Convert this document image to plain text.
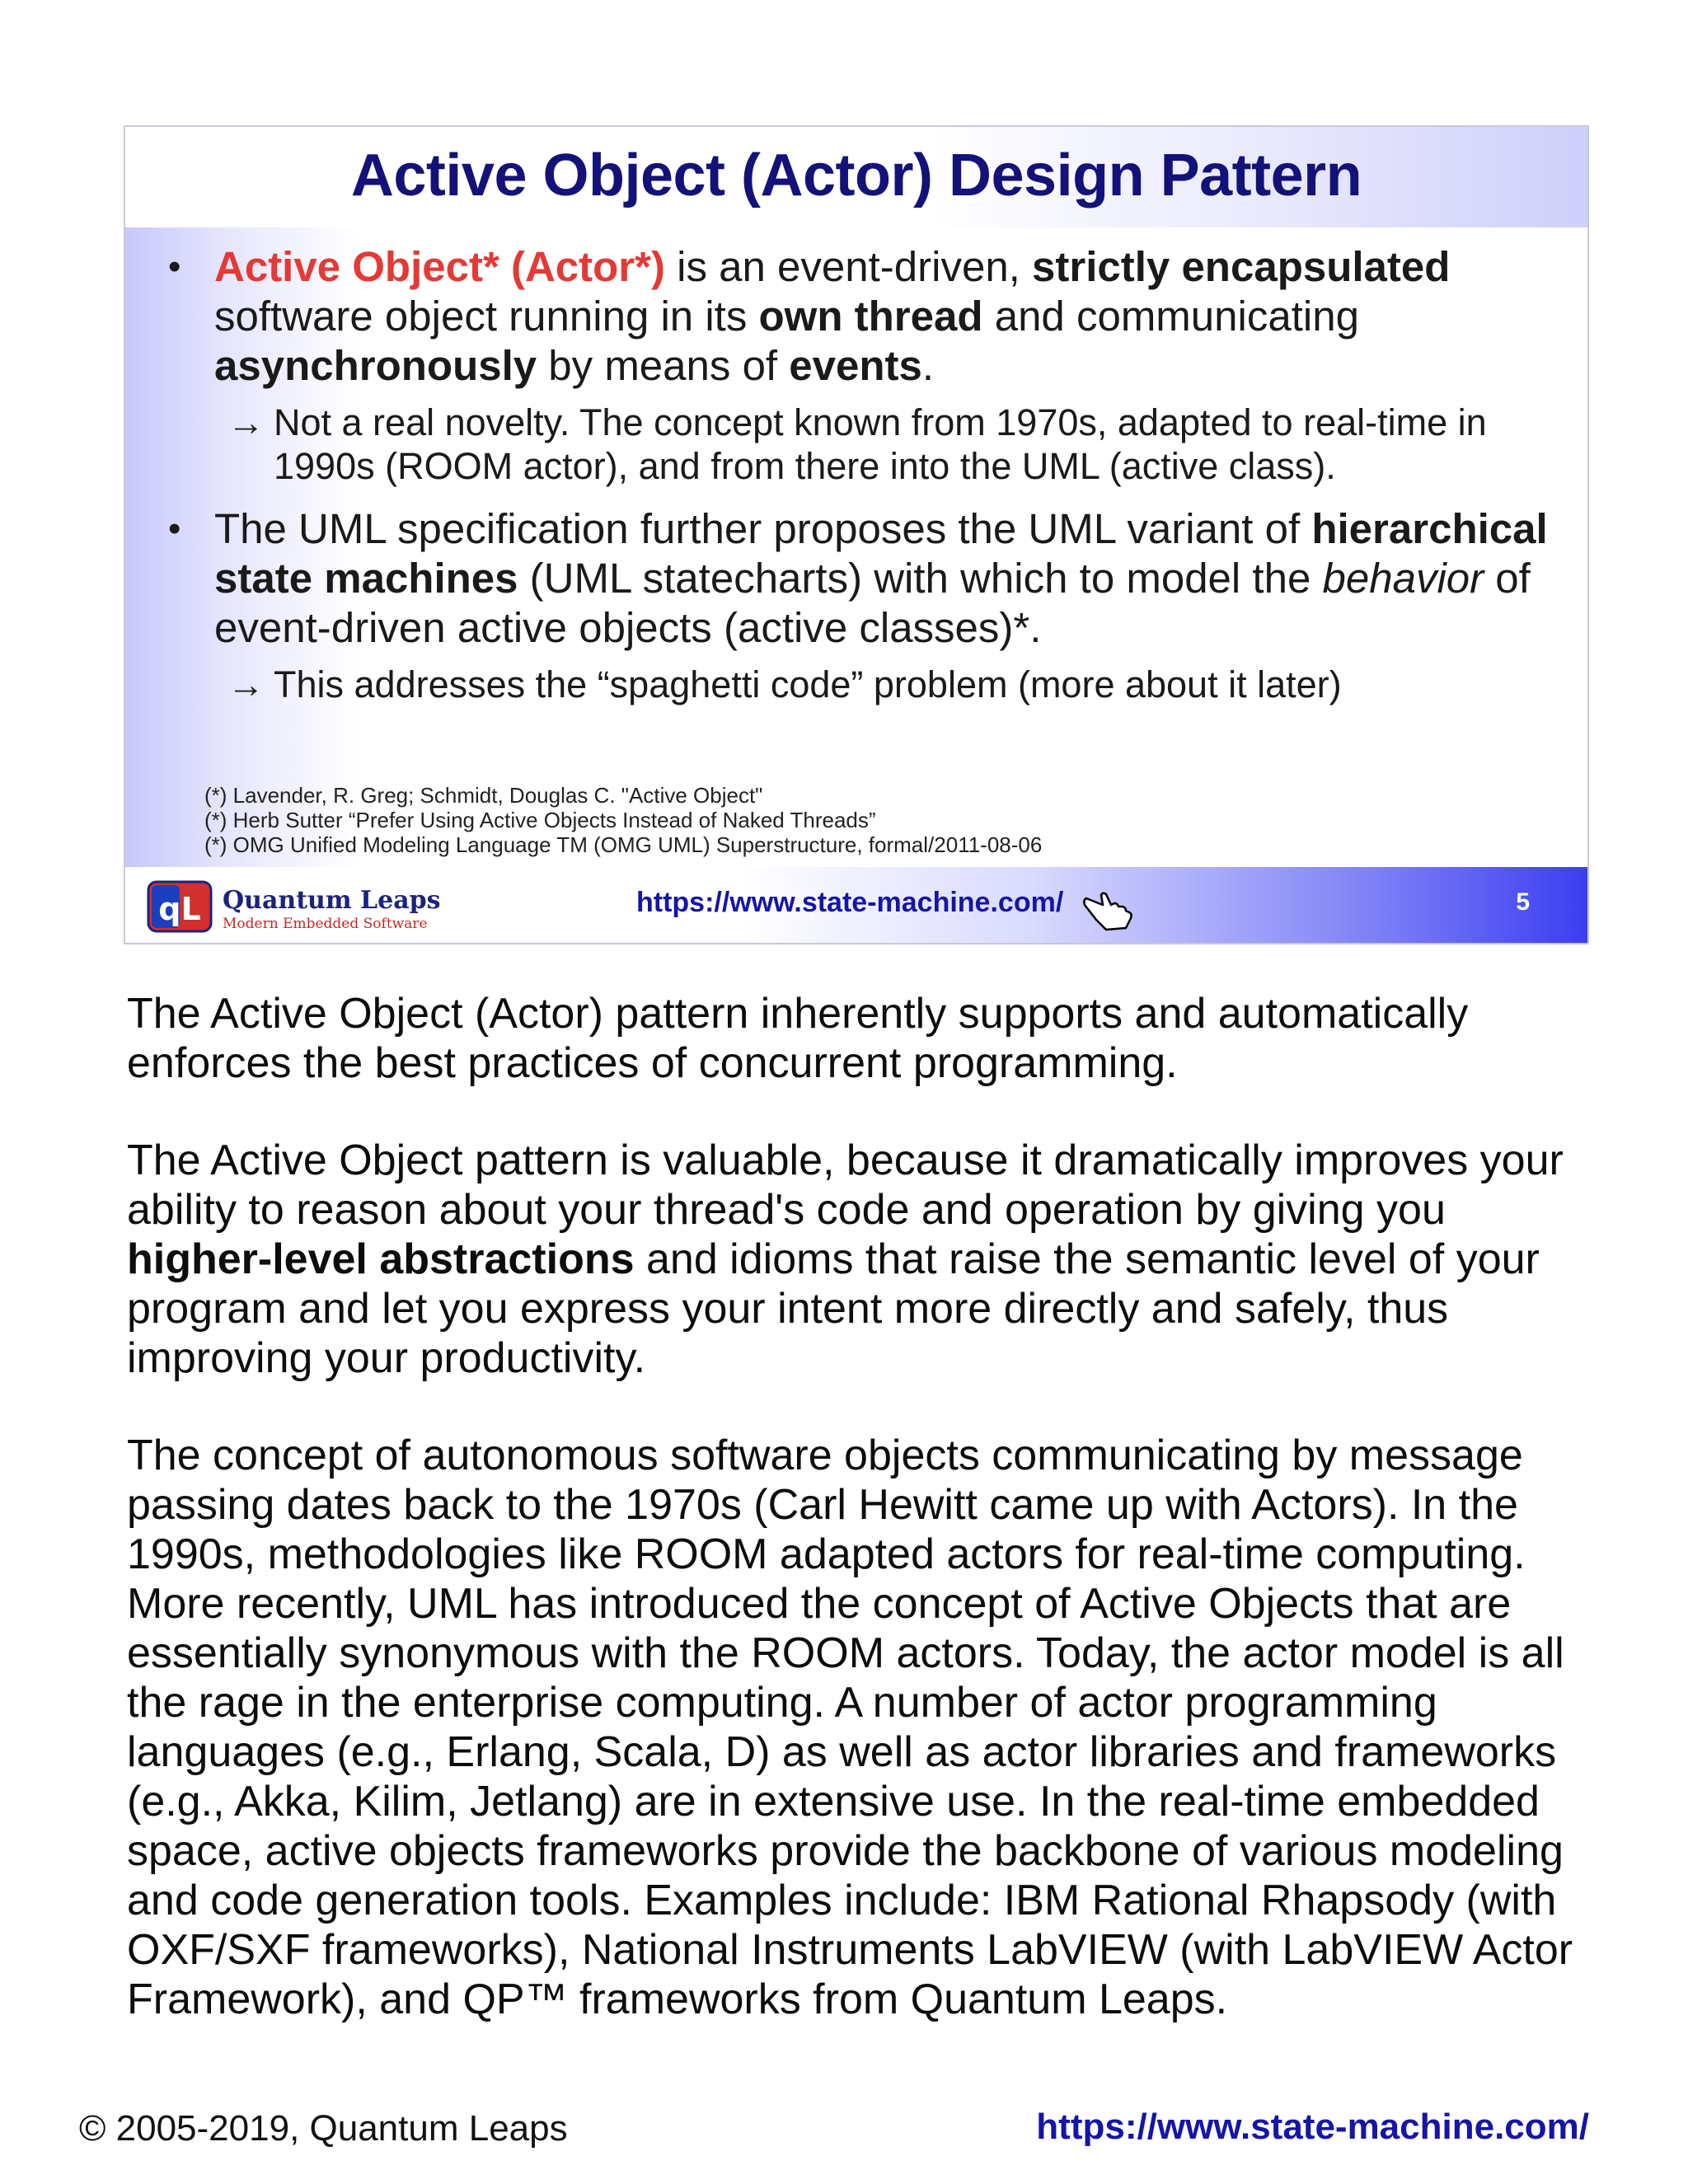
Active Object (Actor) Design Pattern
• Active Object* (Actor*) is an event-driven, strictly encapsulated software object running in its own thread and communicating asynchronously by means of events.
→ Not a real novelty. The concept known from 1970s, adapted to real-time in 1990s (ROOM actor), and from there into the UML (active class).
• The UML specification further proposes the UML variant of hierarchical state machines (UML statecharts) with which to model the behavior of event-driven active objects (active classes)*.
→ This addresses the “spaghetti code” problem (more about it later)
(*) Lavender, R. Greg; Schmidt, Douglas C. "Active Object"
(*) Herb Sutter “Prefer Using Active Objects Instead of Naked Threads”
(*) OMG Unified Modeling Language TM (OMG UML) Superstructure, formal/2011-08-06
qL Quantum Leaps
Modern Embedded Software
https://www.state-machine.com/	5

The Active Object (Actor) pattern inherently supports and automatically enforces the best practices of concurrent programming.

The Active Object pattern is valuable, because it dramatically improves your ability to reason about your thread's code and operation by giving you higher-level abstractions and idioms that raise the semantic level of your program and let you express your intent more directly and safely, thus improving your productivity.

The concept of autonomous software objects communicating by message passing dates back to the 1970s (Carl Hewitt came up with Actors). In the 1990s, methodologies like ROOM adapted actors for real-time computing. More recently, UML has introduced the concept of Active Objects that are essentially synonymous with the ROOM actors. Today, the actor model is all the rage in the enterprise computing. A number of actor programming languages (e.g., Erlang, Scala, D) as well as actor libraries and frameworks (e.g., Akka, Kilim, Jetlang) are in extensive use. In the real-time embedded space, active objects frameworks provide the backbone of various modeling and code generation tools. Examples include: IBM Rational Rhapsody (with OXF/SXF frameworks), National Instruments LabVIEW (with LabVIEW Actor Framework), and QP™ frameworks from Quantum Leaps.

© 2005-2019, Quantum Leaps	https://www.state-machine.com/
